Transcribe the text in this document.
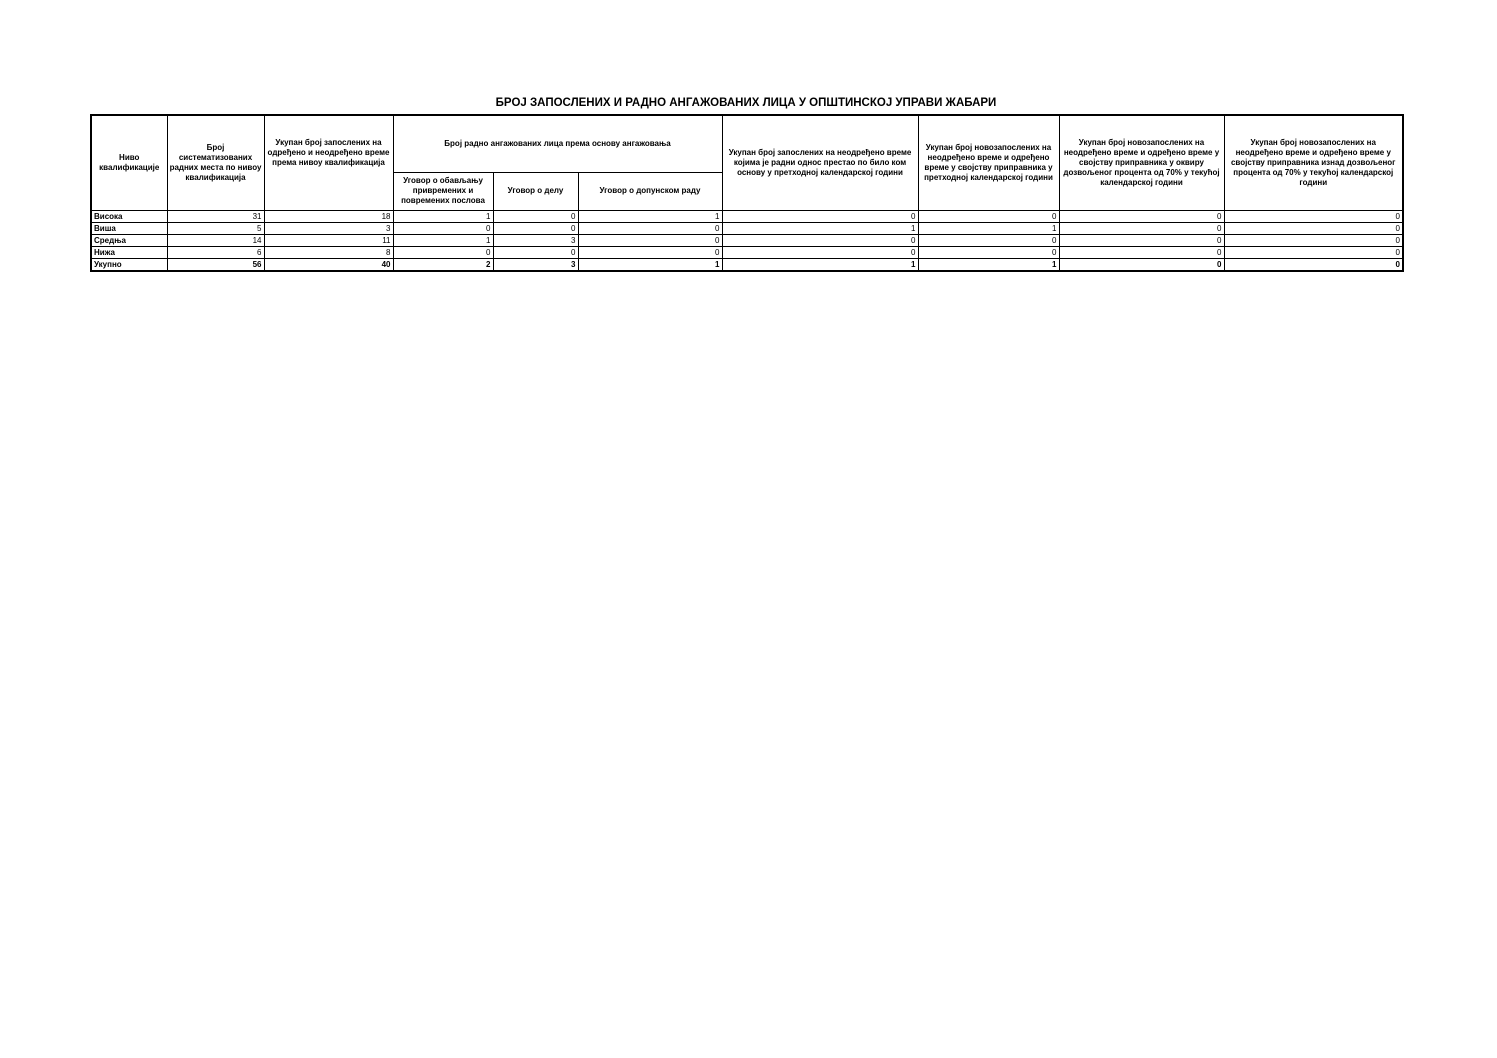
БРОЈ ЗАПОСЛЕНИХ И РАДНО АНГАЖОВАНИХ ЛИЦА У ОПШТИНСКОЈ УПРАВИ ЖАБАРИ
Ниво квалификације	Број систематизованих радних места по нивоу квалификација	Укупан број запослених на одређено и неодређено време према нивоу квалификација	Број радно ангажованих лица према основу ангажовања			Укупан број запослених на неодређено време којима је радни однос престао по било ком основу у претходној календарској години	Укупан број новозапослених на неодређено време и одређено време у својству приправника у претходној календарској години	Укупан број новозапослених на неодређено време и одређено време у својству приправника у оквиру дозвољеног процента од 70% у текућој календарској години	Укупан број новозапослених на неодређено време и одређено време у својству приправника изнад дозвољеног процента од 70% у текућој календарској години
			Уговор о обављању привремених и повремених послова	Уговор о делу	Уговор о допунском раду				
Висока	31	18	1	0	1	0	0	0	0
Виша	5	3	0	0	0	1	1	0	0
Средња	14	11	1	3	0	0	0	0	0
Нижа	6	8	0	0	0	0	0	0	0
Укупно	56	40	2	3	1	1	1	0	0
